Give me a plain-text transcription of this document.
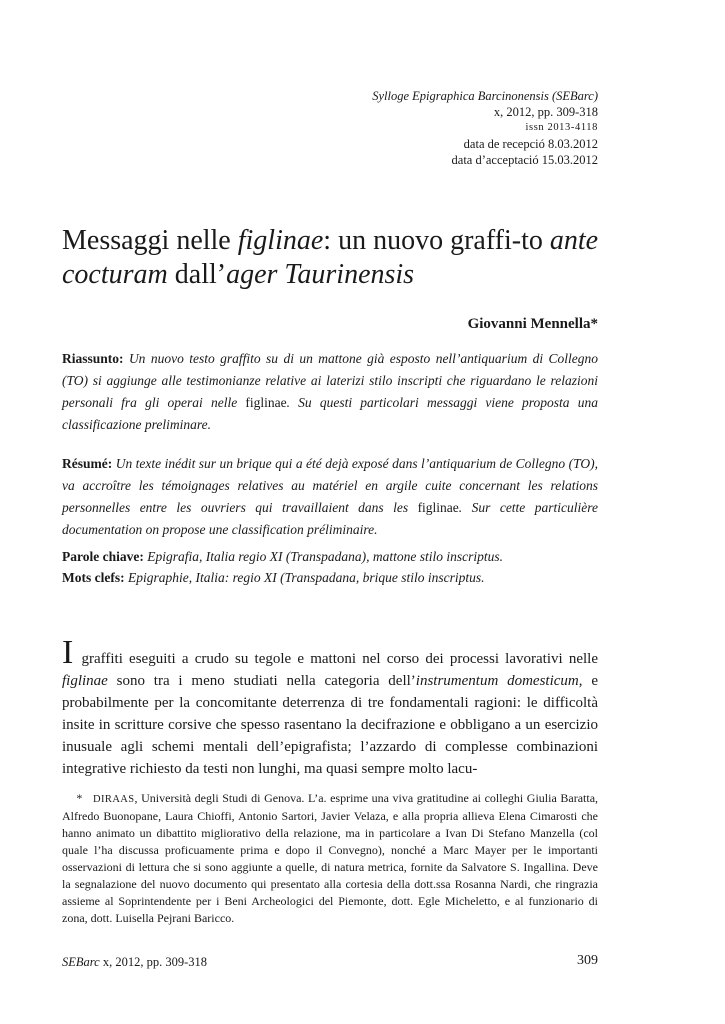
Sylloge Epigraphica Barcinonensis (SEBarc)
x, 2012, pp. 309-318
issn 2013-4118
data de recepció 8.03.2012
data d’acceptació 15.03.2012
Messaggi nelle figlinae: un nuovo graffi-to ante cocturam dall’ager Taurinensis
Giovanni Mennella*

Riassunto: Un nuovo testo graffito su di un mattone già esposto nell’antiquarium di Collegno (TO) si aggiunge alle testimonianze relative ai laterizi stilo inscripti che riguardano le relazioni personali fra gli operai nelle figlinae. Su questi particolari messaggi viene proposta una classificazione preliminare.

Résumé: Un texte inédit sur un brique qui a été dejà exposé dans l’antiquarium de Collegno (TO), va accroître les témoignages relatives au matériel en argile cuite concernant les relations personnelles entre les ouvriers qui travaillaient dans les figlinae. Sur cette particulière documentation on propose une classification préliminaire.

Parole chiave: Epigrafia, Italia regio XI (Transpadana), mattone stilo inscriptus.
Mots clefs: Epigraphie, Italia: regio XI (Transpadana, brique stilo inscriptus.

I graffiti eseguiti a crudo su tegole e mattoni nel corso dei processi lavorativi nelle figlinae sono tra i meno studiati nella categoria dell’instrumentum domesticum, e probabilmente per la concomitante deterrenza di tre fondamentali ragioni: le difficoltà insite in scritture corsive che spesso rasentano la decifrazione e obbligano a un esercizio inusuale agli schemi mentali dell’epigrafista; l’azzardo di complesse combinazioni integrative richiesto da testi non lunghi, ma quasi sempre molto lacu-

* DIRAAS, Università degli Studi di Genova. L’a. esprime una viva gratitudine ai colleghi Giulia Baratta, Alfredo Buonopane, Laura Chioffi, Antonio Sartori, Javier Velaza, e alla propria allieva Elena Cimarosti che hanno animato un dibattito migliorativo della relazione, ma in particolare a Ivan Di Stefano Manzella (col quale l’ha discussa proficuamente prima e dopo il Convegno), nonché a Marc Mayer per le importanti osservazioni di lettura che si sono aggiunte a quelle, di natura metrica, fornite da Salvatore S. Ingallina. Deve la segnalazione del nuovo documento qui presentato alla cortesia della dott.ssa Rosanna Nardi, che ringrazia assieme al Soprintendente per i Beni Archeologici del Piemonte, dott. Egle Micheletto, e al funzionario di zona, dott. Luisella Pejrani Baricco.

SEBarc x, 2012, pp. 309-318	309
